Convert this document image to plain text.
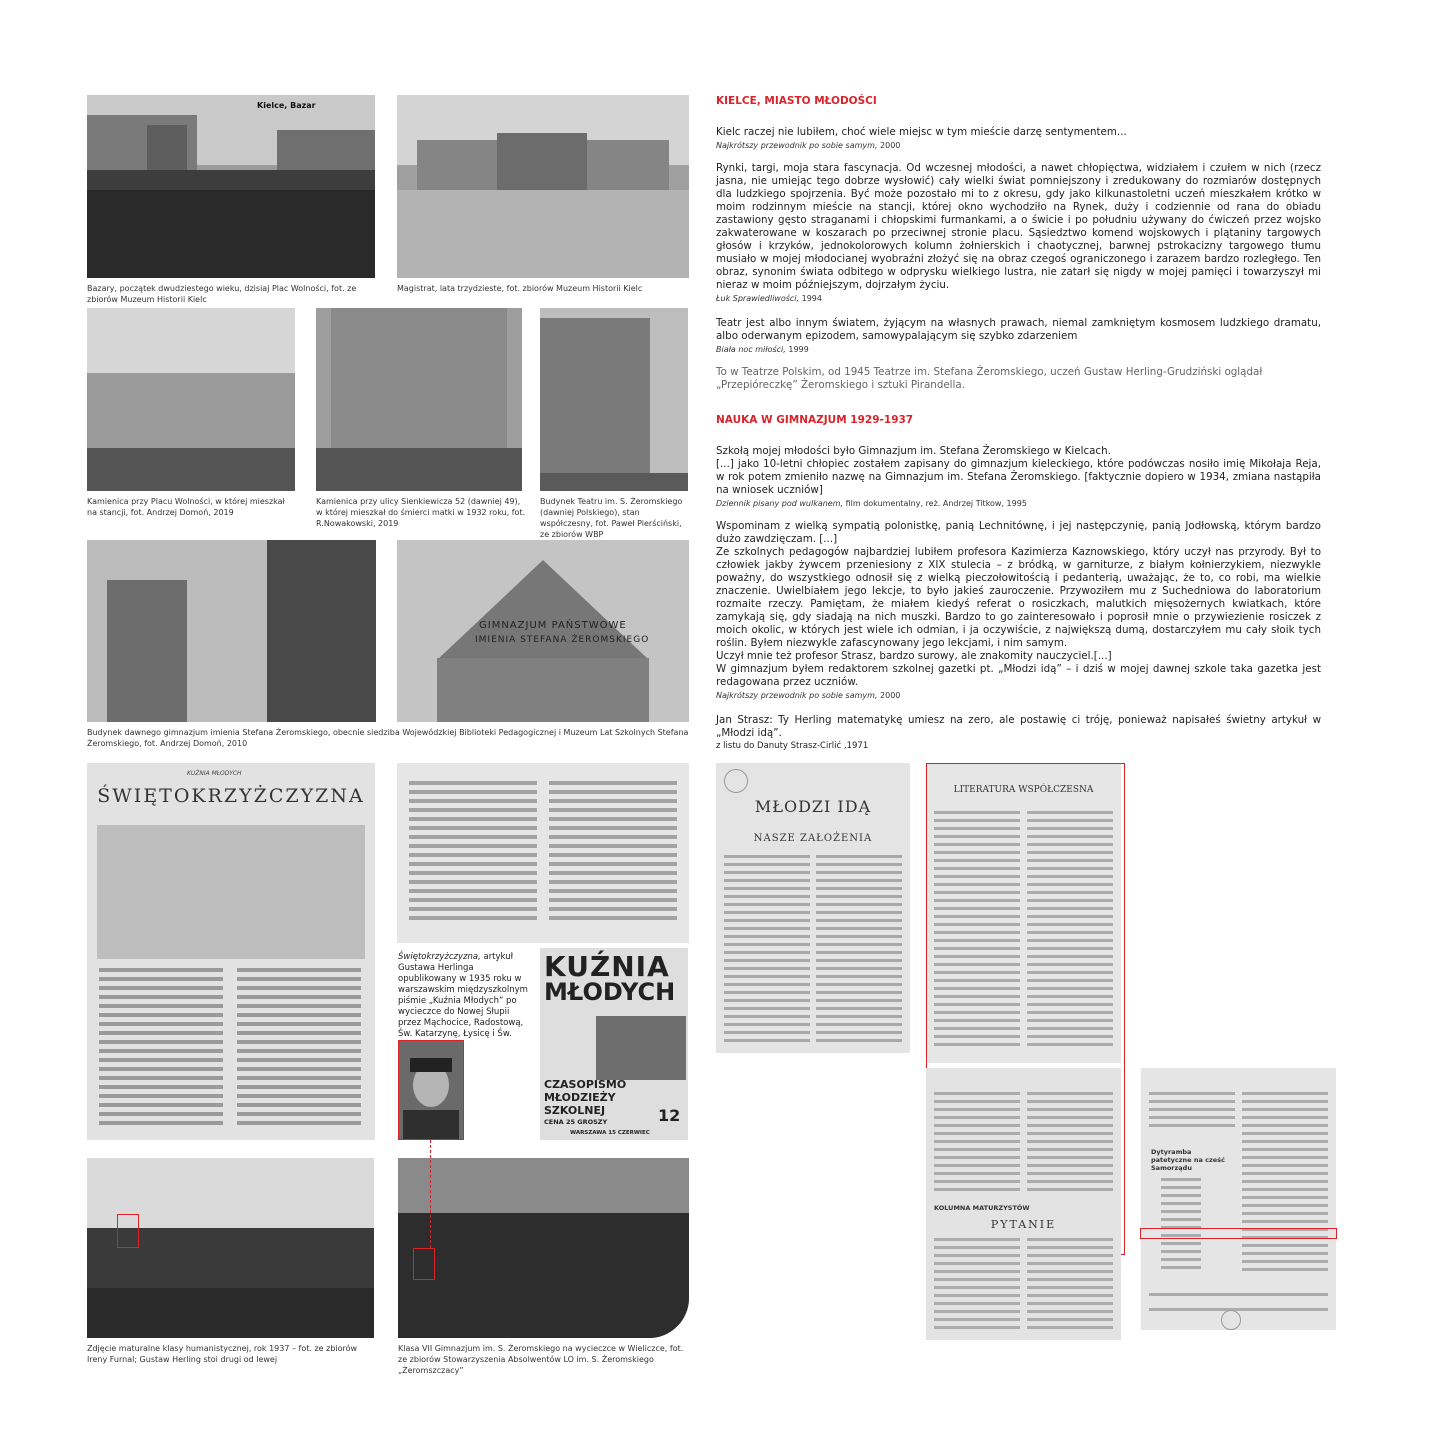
Kielce, Bazar
Bazary, początek dwudziestego wieku, dzisiaj Plac Wolności, fot. ze zbiorów Muzeum Historii Kielc
Magistrat, lata trzydzieste, fot. zbiorów Muzeum Historii Kielc
Kamienica przy Placu Wolności, w której mieszkał na stancji, fot. Andrzej Domoń, 2019
Kamienica przy ulicy Sienkiewicza 52 (dawniej 49), w której mieszkał do śmierci matki w 1932 roku, fot. R.Nowakowski, 2019
Budynek Teatru im. S. Żeromskiego (dawniej Polskiego), stan współczesny, fot. Paweł Pierściński, ze zbiorów WBP
GIMNAZJUM PAŃSTWOWE
IMIENIA STEFANA ŻEROMSKIEGO
Budynek dawnego gimnazjum imienia Stefana Żeromskiego, obecnie siedziba Wojewódzkiej Biblioteki Pedagogicznej i Muzeum Lat Szkolnych Stefana Żeromskiego, fot. Andrzej Domoń, 2010
KUŹNIA MŁODYCH
ŚWIĘTOKRZYŻCZYZNA
Świętokrzyżczyzna, artykuł Gustawa Herlinga opublikowany w 1935 roku w warszawskim międzyszkolnym piśmie „Kuźnia Młodych” po wycieczce do Nowej Słupii przez Mąchocice, Radostową, Św. Katarzynę, Łysicę i Św.
KUŹNIA
MŁODYCH
CZASOPISMO
MŁODZIEŻY
SZKOLNEJ
CENA 25 GROSZY	12
WARSZAWA 15 CZERWIEC
Zdjęcie maturalne klasy humanistycznej, rok 1937 – fot. ze zbiorów Ireny Furnal; Gustaw Herling stoi drugi od lewej
Klasa VII Gimnazjum im. S. Żeromskiego na wycieczce w Wieliczce, fot. ze zbiorów Stowarzyszenia Absolwentów LO im. S. Żeromskiego „Żeromszczacy”
MŁODZI IDĄ
NASZE ZAŁOŻENIA
LITERATURA WSPÓŁCZESNA
KOLUMNA MATURZYSTÓW
PYTANIE
Dytyramba patetyczne na cześć Samorządu

KIELCE, MIASTO MŁODOŚCI

Kielc raczej nie lubiłem, choć wiele miejsc w tym mieście darzę sentymentem...

Najkrótszy przewodnik po sobie samym, 2000

Rynki, targi, moja stara fascynacja. Od wczesnej młodości, a nawet chłopięctwa, widziałem i czułem w nich (rzecz jasna, nie umiejąc tego dobrze wysłowić) cały wielki świat pomniejszony i zredukowany do rozmiarów dostępnych dla ludzkiego spojrzenia. Być może pozostało mi to z okresu, gdy jako kilkunastoletni uczeń mieszkałem krótko w moim rodzinnym mieście na stancji, której okno wychodziło na Rynek, duży i codziennie od rana do obiadu zastawiony gęsto straganami i chłopskimi furmankami, a o świcie i po południu używany do ćwiczeń przez wojsko zakwaterowane w koszarach po przeciwnej stronie placu. Sąsiedztwo komend wojskowych i plątaniny targowych głosów i krzyków, jednokolorowych kolumn żołnierskich i chaotycznej, barwnej pstrokacizny targowego tłumu musiało w mojej młodocianej wyobraźni złożyć się na obraz czegoś ograniczonego i zarazem bardzo rozległego. Ten obraz, synonim świata odbitego w odprysku wielkiego lustra, nie zatarł się nigdy w mojej pamięci i towarzyszył mi nieraz w moim późniejszym, dojrzałym życiu.

Łuk Sprawiedliwości, 1994

Teatr jest albo innym światem, żyjącym na własnych prawach, niemal zamkniętym kosmosem ludzkiego dramatu, albo oderwanym epizodem, samowypalającym się szybko zdarzeniem

Biała noc miłości, 1999

To w Teatrze Polskim, od 1945 Teatrze im. Stefana Żeromskiego, uczeń Gustaw Herling-Grudziński oglądał „Przepióreczkę” Żeromskiego i sztuki Pirandella.

NAUKA W GIMNAZJUM 1929-1937

Szkołą mojej młodości było Gimnazjum im. Stefana Żeromskiego w Kielcach.

[...] jako 10-letni chłopiec zostałem zapisany do gimnazjum kieleckiego, które podówczas nosiło imię Mikołaja Reja, w rok potem zmieniło nazwę na Gimnazjum im. Stefana Żeromskiego. [faktycznie dopiero w 1934, zmiana nastąpiła na wniosek uczniów]

Dziennik pisany pod wulkanem, film dokumentalny, reż. Andrzej Titkow, 1995

Wspominam z wielką sympatią polonistkę, panią Lechnitównę, i jej następczynię, panią Jodłowską, którym bardzo dużo zawdzięczam. [...]

Ze szkolnych pedagogów najbardziej lubiłem profesora Kazimierza Kaznowskiego, który uczył nas przyrody. Był to człowiek jakby żywcem przeniesiony z XIX stulecia – z bródką, w garniturze, z białym kołnierzykiem, niezwykle poważny, do wszystkiego odnosił się z wielką pieczołowitością i pedanterią, uważając, że to, co robi, ma wielkie znaczenie. Uwielbiałem jego lekcje, to było jakieś zauroczenie. Przywoziłem mu z Suchedniowa do laboratorium rozmaite rzeczy. Pamiętam, że miałem kiedyś referat o rosiczkach, malutkich mięsożernych kwiatkach, które zamykają się, gdy siadają na nich muszki. Bardzo to go zainteresowało i poprosił mnie o przywiezienie rosiczek z moich okolic, w których jest wiele ich odmian, i ja oczywiście, z największą dumą, dostarczyłem mu cały słoik tych roślin. Byłem niezwykle zafascynowany jego lekcjami, i nim samym.

Uczył mnie też profesor Strasz, bardzo surowy, ale znakomity nauczyciel.[...]

W gimnazjum byłem redaktorem szkolnej gazetki pt. „Młodzi idą” – i dziś w mojej dawnej szkole taka gazetka jest redagowana przez uczniów.

Najkrótszy przewodnik po sobie samym, 2000

Jan Strasz: Ty Herling matematykę umiesz na zero, ale postawię ci tróję, ponieważ napisałeś świetny artykuł w „Młodzi idą”.

z listu do Danuty Strasz-Cirlić ,1971
